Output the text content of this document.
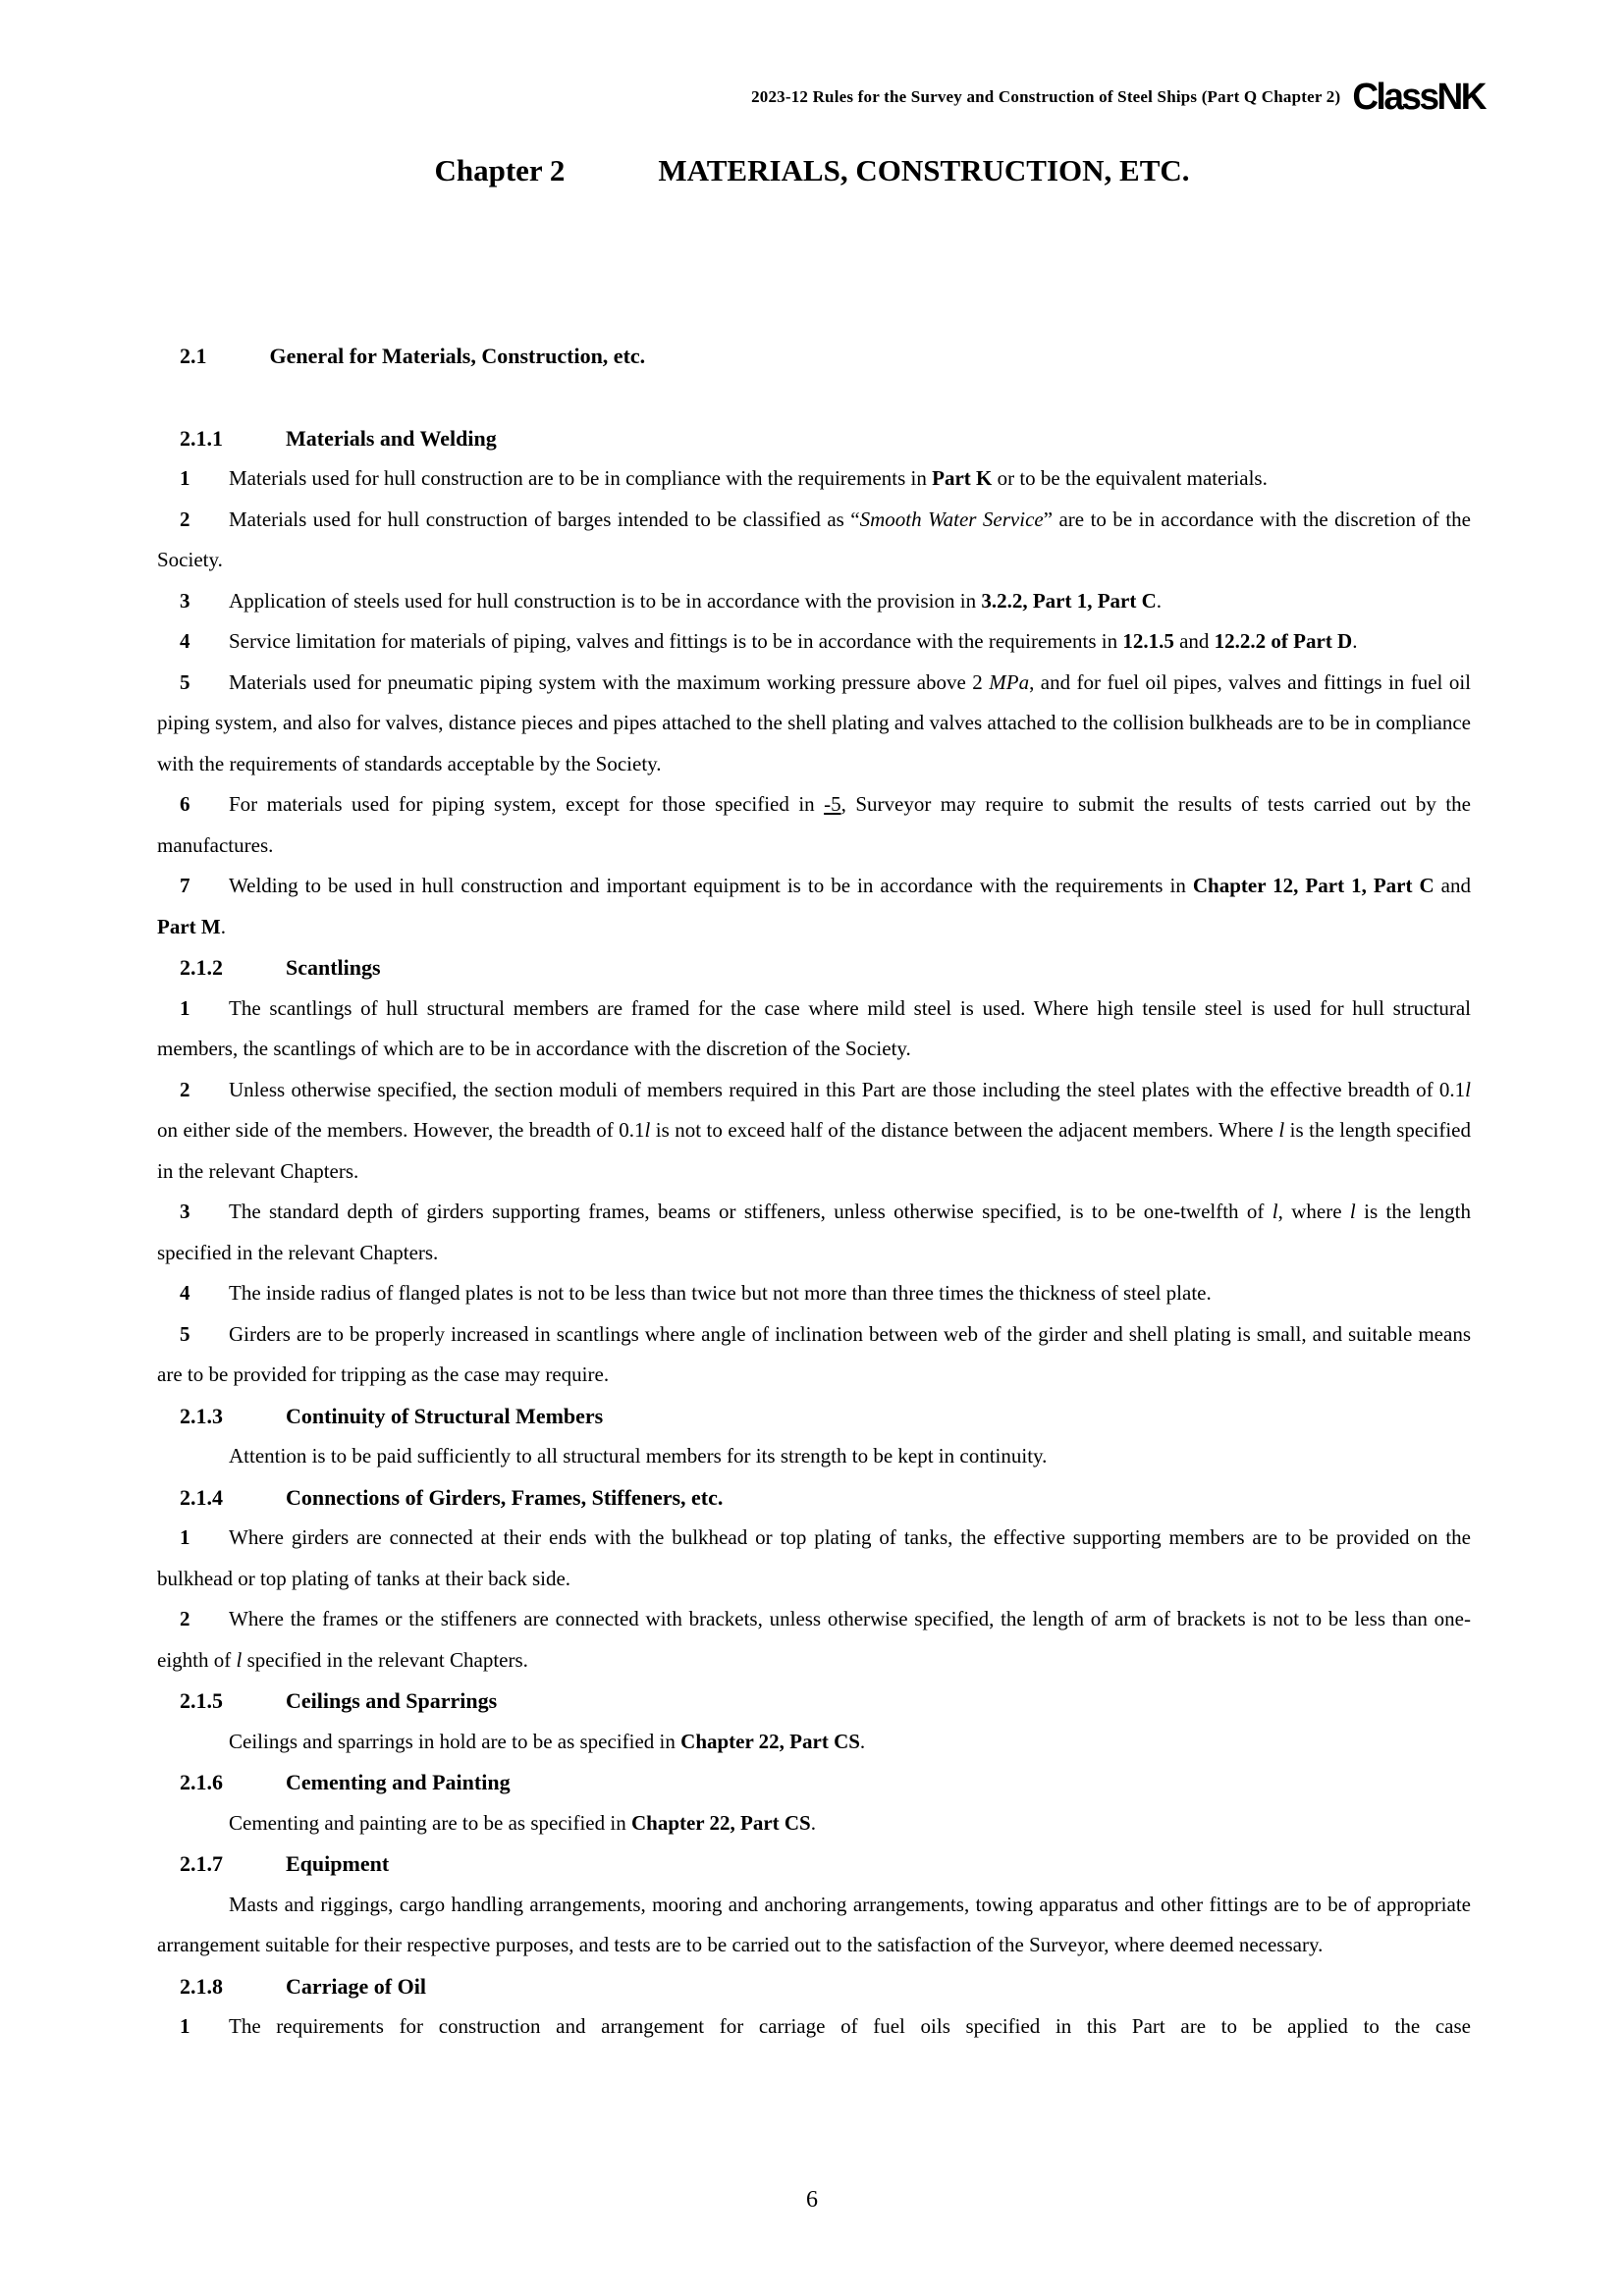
2023-12 Rules for the Survey and Construction of Steel Ships (Part Q Chapter 2) ClassNK
Chapter 2	MATERIALS, CONSTRUCTION, ETC.

2.1	General for Materials, Construction, etc.

2.1.1	Materials and Welding

1 Materials used for hull construction are to be in compliance with the requirements in Part K or to be the equivalent materials.

2 Materials used for hull construction of barges intended to be classified as “Smooth Water Service” are to be in accordance with the discretion of the Society.

3 Application of steels used for hull construction is to be in accordance with the provision in 3.2.2, Part 1, Part C.

4 Service limitation for materials of piping, valves and fittings is to be in accordance with the requirements in 12.1.5 and 12.2.2 of Part D.

5 Materials used for pneumatic piping system with the maximum working pressure above 2 MPa, and for fuel oil pipes, valves and fittings in fuel oil piping system, and also for valves, distance pieces and pipes attached to the shell plating and valves attached to the collision bulkheads are to be in compliance with the requirements of standards acceptable by the Society.

6 For materials used for piping system, except for those specified in -5, Surveyor may require to submit the results of tests carried out by the manufactures.

7 Welding to be used in hull construction and important equipment is to be in accordance with the requirements in Chapter 12, Part 1, Part C and Part M.

2.1.2	Scantlings

1 The scantlings of hull structural members are framed for the case where mild steel is used. Where high tensile steel is used for hull structural members, the scantlings of which are to be in accordance with the discretion of the Society.

2 Unless otherwise specified, the section moduli of members required in this Part are those including the steel plates with the effective breadth of 0.1l on either side of the members. However, the breadth of 0.1l is not to exceed half of the distance between the adjacent members. Where l is the length specified in the relevant Chapters.

3 The standard depth of girders supporting frames, beams or stiffeners, unless otherwise specified, is to be one-twelfth of l, where l is the length specified in the relevant Chapters.

4 The inside radius of flanged plates is not to be less than twice but not more than three times the thickness of steel plate.

5 Girders are to be properly increased in scantlings where angle of inclination between web of the girder and shell plating is small, and suitable means are to be provided for tripping as the case may require.

2.1.3	Continuity of Structural Members

Attention is to be paid sufficiently to all structural members for its strength to be kept in continuity.

2.1.4	Connections of Girders, Frames, Stiffeners, etc.

1 Where girders are connected at their ends with the bulkhead or top plating of tanks, the effective supporting members are to be provided on the bulkhead or top plating of tanks at their back side.

2 Where the frames or the stiffeners are connected with brackets, unless otherwise specified, the length of arm of brackets is not to be less than one-eighth of l specified in the relevant Chapters.

2.1.5	Ceilings and Sparrings

Ceilings and sparrings in hold are to be as specified in Chapter 22, Part CS.

2.1.6	Cementing and Painting

Cementing and painting are to be as specified in Chapter 22, Part CS.

2.1.7	Equipment

Masts and riggings, cargo handling arrangements, mooring and anchoring arrangements, towing apparatus and other fittings are to be of appropriate arrangement suitable for their respective purposes, and tests are to be carried out to the satisfaction of the Surveyor, where deemed necessary.

2.1.8	Carriage of Oil

1 The requirements for construction and arrangement for carriage of fuel oils specified in this Part are to be applied to the case

6
